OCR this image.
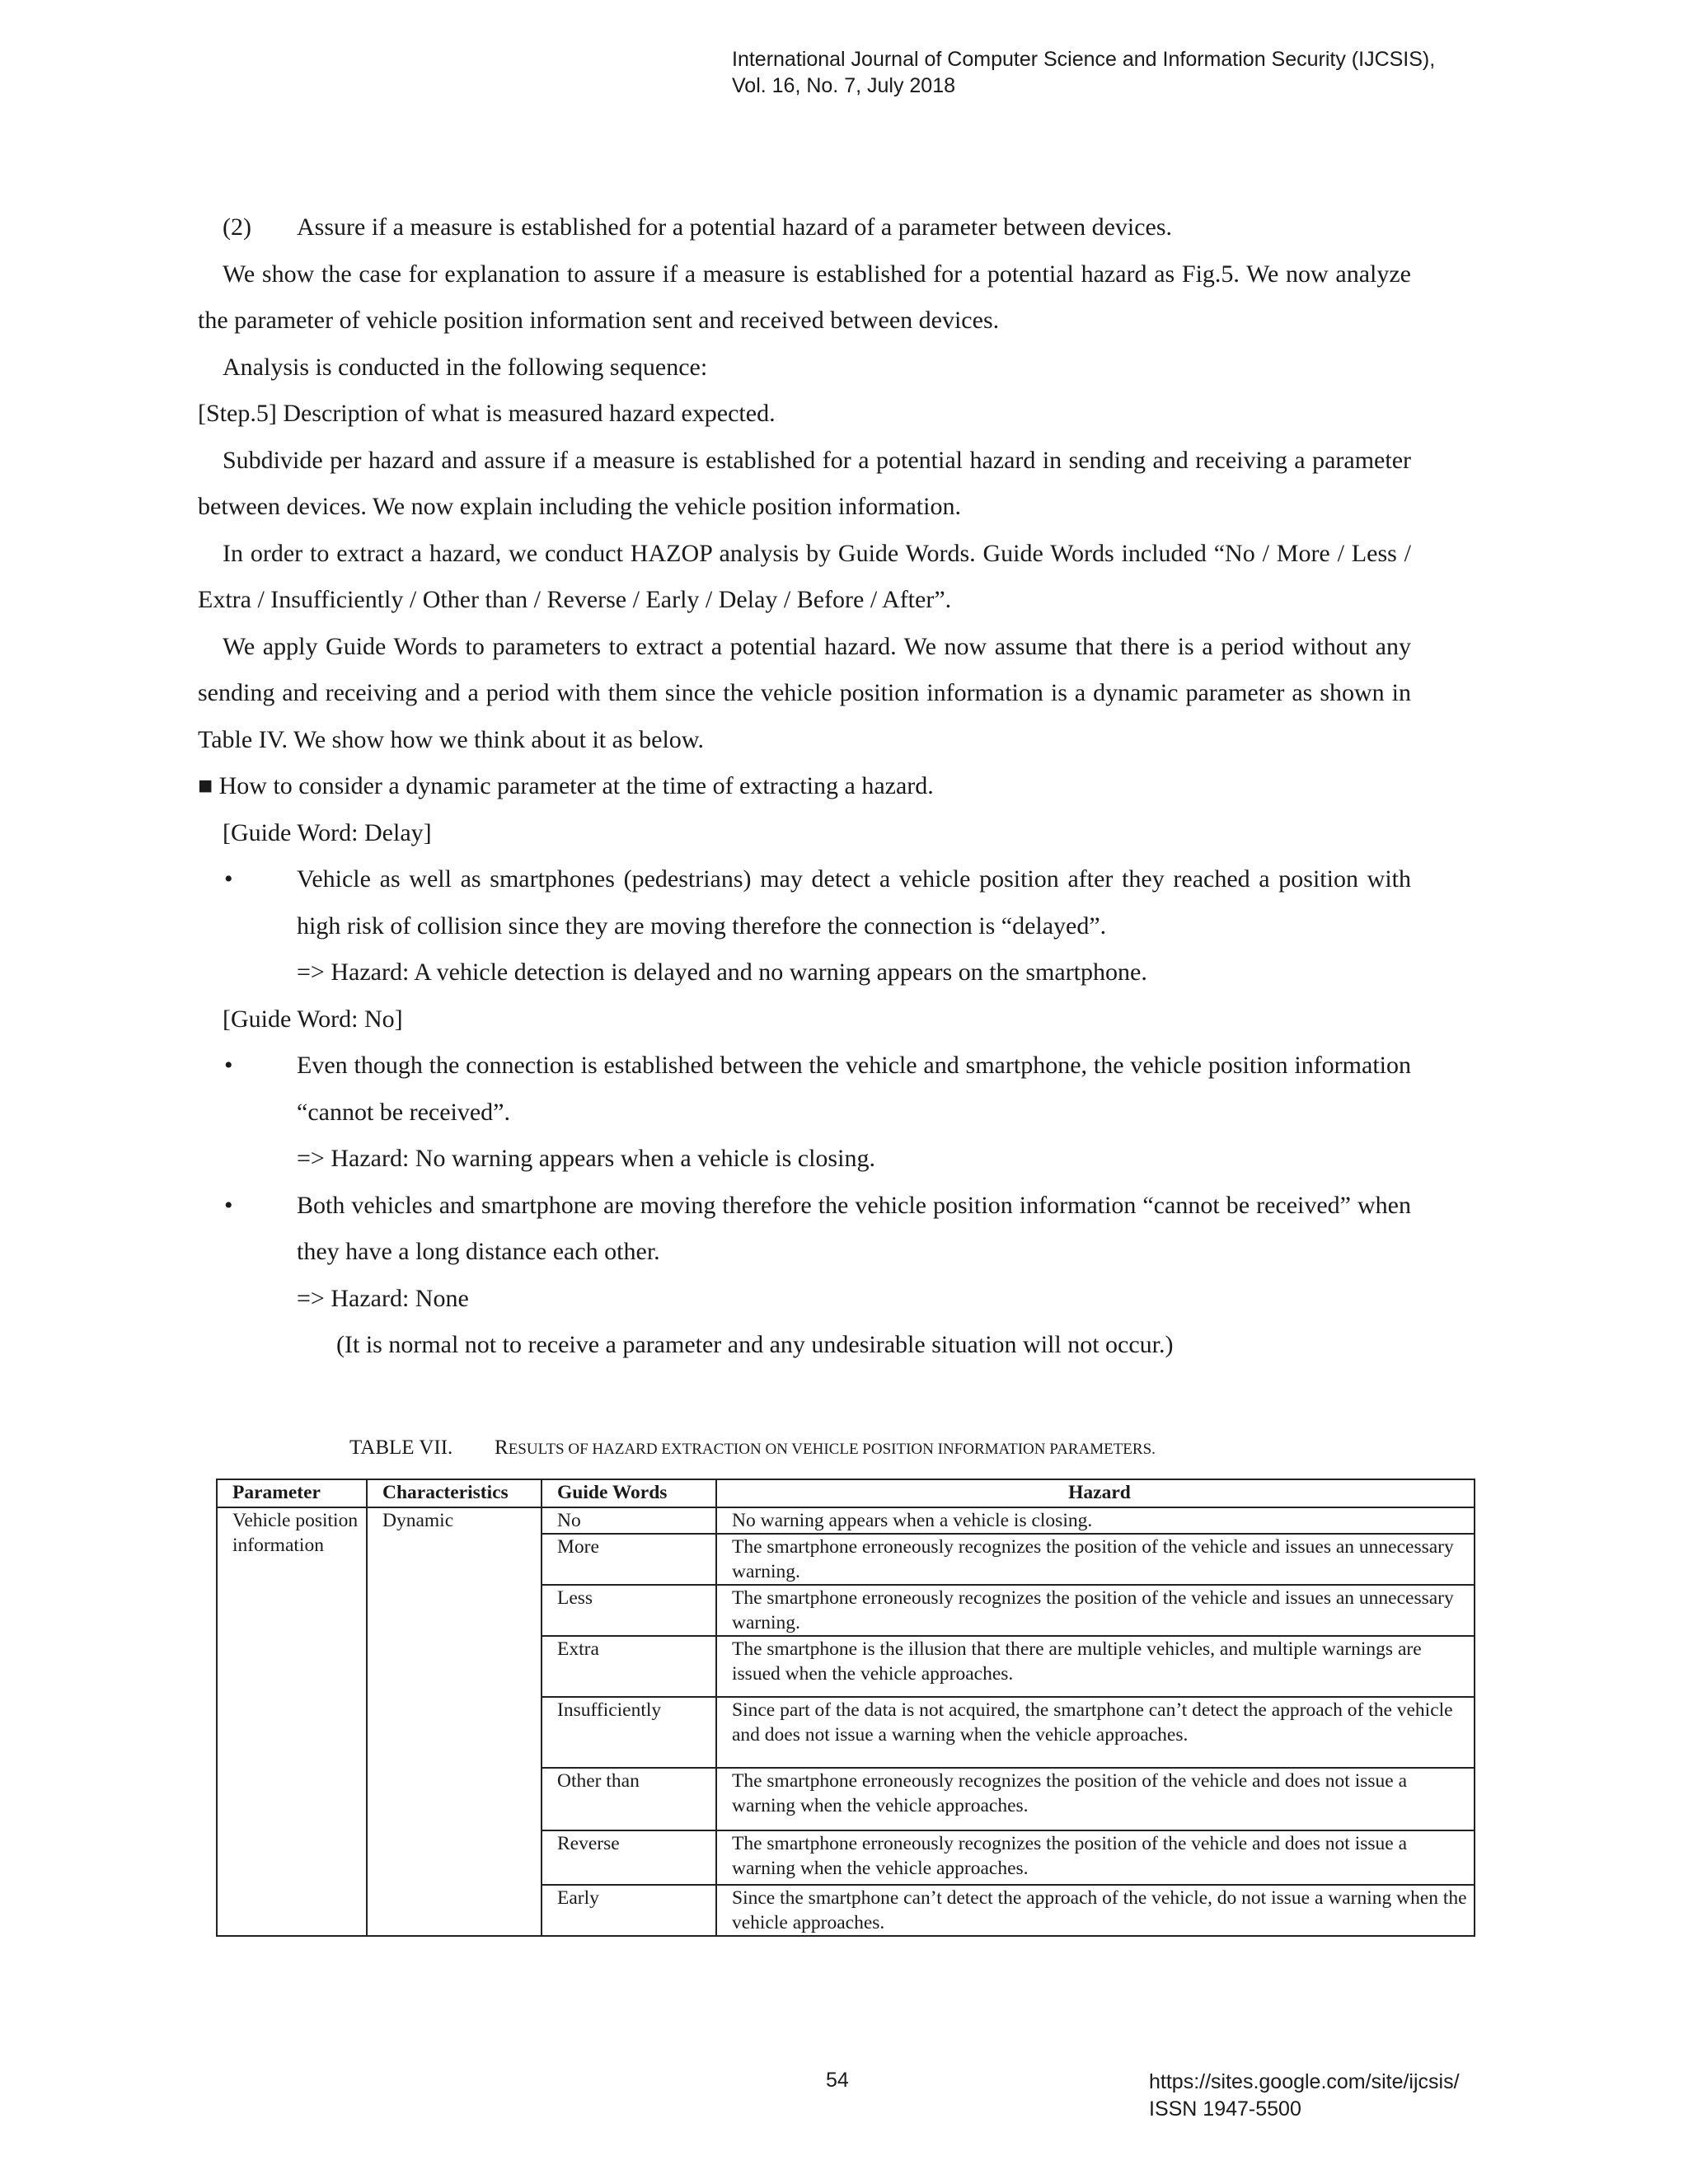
International Journal of Computer Science and Information Security (IJCSIS),
Vol. 16, No. 7, July 2018
(2) Assure if a measure is established for a potential hazard of a parameter between devices.

We show the case for explanation to assure if a measure is established for a potential hazard as Fig.5. We now analyze the parameter of vehicle position information sent and received between devices.

Analysis is conducted in the following sequence:

[Step.5] Description of what is measured hazard expected.

Subdivide per hazard and assure if a measure is established for a potential hazard in sending and receiving a parameter between devices. We now explain including the vehicle position information.

In order to extract a hazard, we conduct HAZOP analysis by Guide Words. Guide Words included “No / More / Less / Extra / Insufficiently / Other than / Reverse / Early / Delay / Before / After”.

We apply Guide Words to parameters to extract a potential hazard. We now assume that there is a period without any sending and receiving and a period with them since the vehicle position information is a dynamic parameter as shown in Table IV. We show how we think about it as below.

■ How to consider a dynamic parameter at the time of extracting a hazard.

[Guide Word: Delay]
•	Vehicle as well as smartphones (pedestrians) may detect a vehicle position after they reached a position with high risk of collision since they are moving therefore the connection is “delayed”.
=> Hazard: A vehicle detection is delayed and no warning appears on the smartphone.
[Guide Word: No]
•	Even though the connection is established between the vehicle and smartphone, the vehicle position information “cannot be received”.
=> Hazard: No warning appears when a vehicle is closing.
•	Both vehicles and smartphone are moving therefore the vehicle position information “cannot be received” when they have a long distance each other.
=> Hazard: None
(It is normal not to receive a parameter and any undesirable situation will not occur.)
TABLE VII. RESULTS OF HAZARD EXTRACTION ON VEHICLE POSITION INFORMATION PARAMETERS.
Parameter	Characteristics	Guide Words	Hazard
Vehicle position information	Dynamic	No	No warning appears when a vehicle is closing.
		More	The smartphone erroneously recognizes the position of the vehicle and issues an unnecessary warning.
		Less	The smartphone erroneously recognizes the position of the vehicle and issues an unnecessary warning.
		Extra	The smartphone is the illusion that there are multiple vehicles, and multiple warnings are issued when the vehicle approaches.
		Insufficiently	Since part of the data is not acquired, the smartphone can’t detect the approach of the vehicle and does not issue a warning when the vehicle approaches.
		Other than	The smartphone erroneously recognizes the position of the vehicle and does not issue a warning when the vehicle approaches.
		Reverse	The smartphone erroneously recognizes the position of the vehicle and does not issue a warning when the vehicle approaches.
		Early	Since the smartphone can’t detect the approach of the vehicle, do not issue a warning when the vehicle approaches.
54	https://sites.google.com/site/ijcsis/
ISSN 1947-5500
